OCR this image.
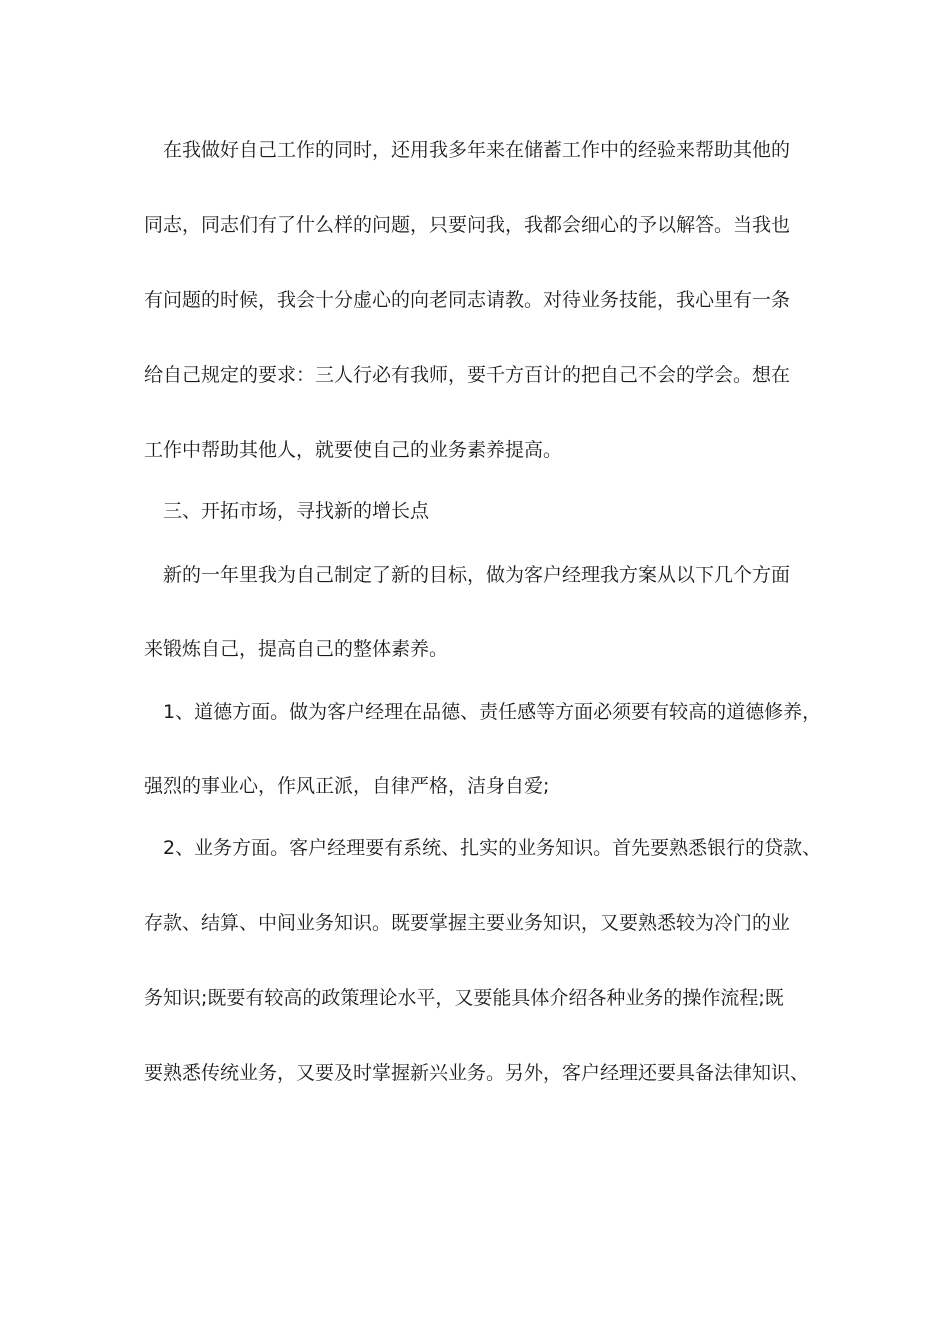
在我做好自己工作的同时，还用我多年来在储蓄工作中的经验来帮助其他的
同志，同志们有了什么样的问题，只要问我，我都会细心的予以解答。当我也
有问题的时候，我会十分虚心的向老同志请教。对待业务技能，我心里有一条
给自己规定的要求：三人行必有我师，要千方百计的把自己不会的学会。想在
工作中帮助其他人，就要使自己的业务素养提高。
三、开拓市场，寻找新的增长点
新的一年里我为自己制定了新的目标，做为客户经理我方案从以下几个方面
来锻炼自己，提高自己的整体素养。
1、道德方面。做为客户经理在品德、责任感等方面必须要有较高的道德修养，
强烈的事业心，作风正派，自律严格，洁身自爱;
2、业务方面。客户经理要有系统、扎实的业务知识。首先要熟悉银行的贷款、
存款、结算、中间业务知识。既要掌握主要业务知识，又要熟悉较为冷门的业
务知识;既要有较高的政策理论水平，又要能具体介绍各种业务的操作流程;既
要熟悉传统业务，又要及时掌握新兴业务。另外，客户经理还要具备法律知识、
